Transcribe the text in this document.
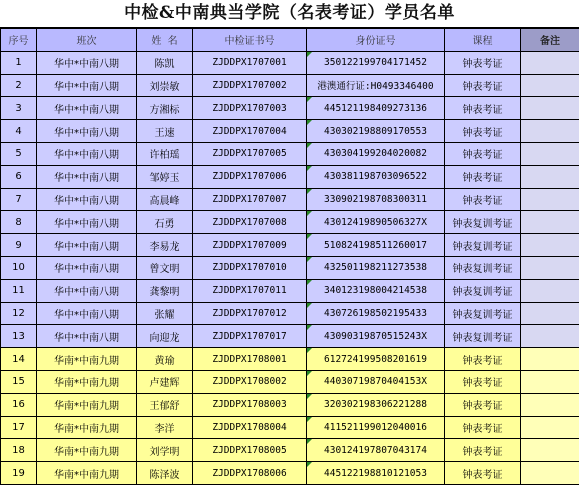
中检&中南典当学院（名表考证）学员名单
序号	班次	姓  名	中检证书号	身份证号	课程	备注
1	华中*中南八期	陈凯	ZJDDPX1707001	350122199704171452	钟表考证	
2	华中*中南八期	刘崇敏	ZJDDPX1707002	港澳通行证:H0493346400	钟表考证	
3	华中*中南八期	方湘标	ZJDDPX1707003	445121198409273136	钟表考证	
4	华中*中南八期	王速	ZJDDPX1707004	430302198809170553	钟表考证	
5	华中*中南八期	许柏瑶	ZJDDPX1707005	430304199204020082	钟表考证	
6	华中*中南八期	邹婷玉	ZJDDPX1707006	430381198703096522	钟表考证	
7	华中*中南八期	高晨峰	ZJDDPX1707007	330902198708300311	钟表考证	
8	华中*中南八期	石勇	ZJDDPX1707008	43012419890506327X	钟表复训考证	
9	华中*中南八期	李易龙	ZJDDPX1707009	510824198511260017	钟表复训考证	
10	华中*中南八期	曾文明	ZJDDPX1707010	432501198211273538	钟表复训考证	
11	华中*中南八期	龚黎明	ZJDDPX1707011	340123198004214538	钟表复训考证	
12	华中*中南八期	张耀	ZJDDPX1707012	430726198502195433	钟表复训考证	
13	华中*中南八期	向迎龙	ZJDDPX1707017	43090319870515243X	钟表复训考证	
14	华南*中南九期	黄瑜	ZJDDPX1708001	612724199508201619	钟表考证	
15	华南*中南九期	卢建辉	ZJDDPX1708002	44030719870404153X	钟表考证	
16	华南*中南九期	王郁舒	ZJDDPX1708003	320302198306221288	钟表考证	
17	华南*中南九期	李洋	ZJDDPX1708004	411521199012040016	钟表考证	
18	华南*中南九期	刘学明	ZJDDPX1708005	430124197807043174	钟表考证	
19	华南*中南九期	陈泽波	ZJDDPX1708006	445122198810121053	钟表考证	
